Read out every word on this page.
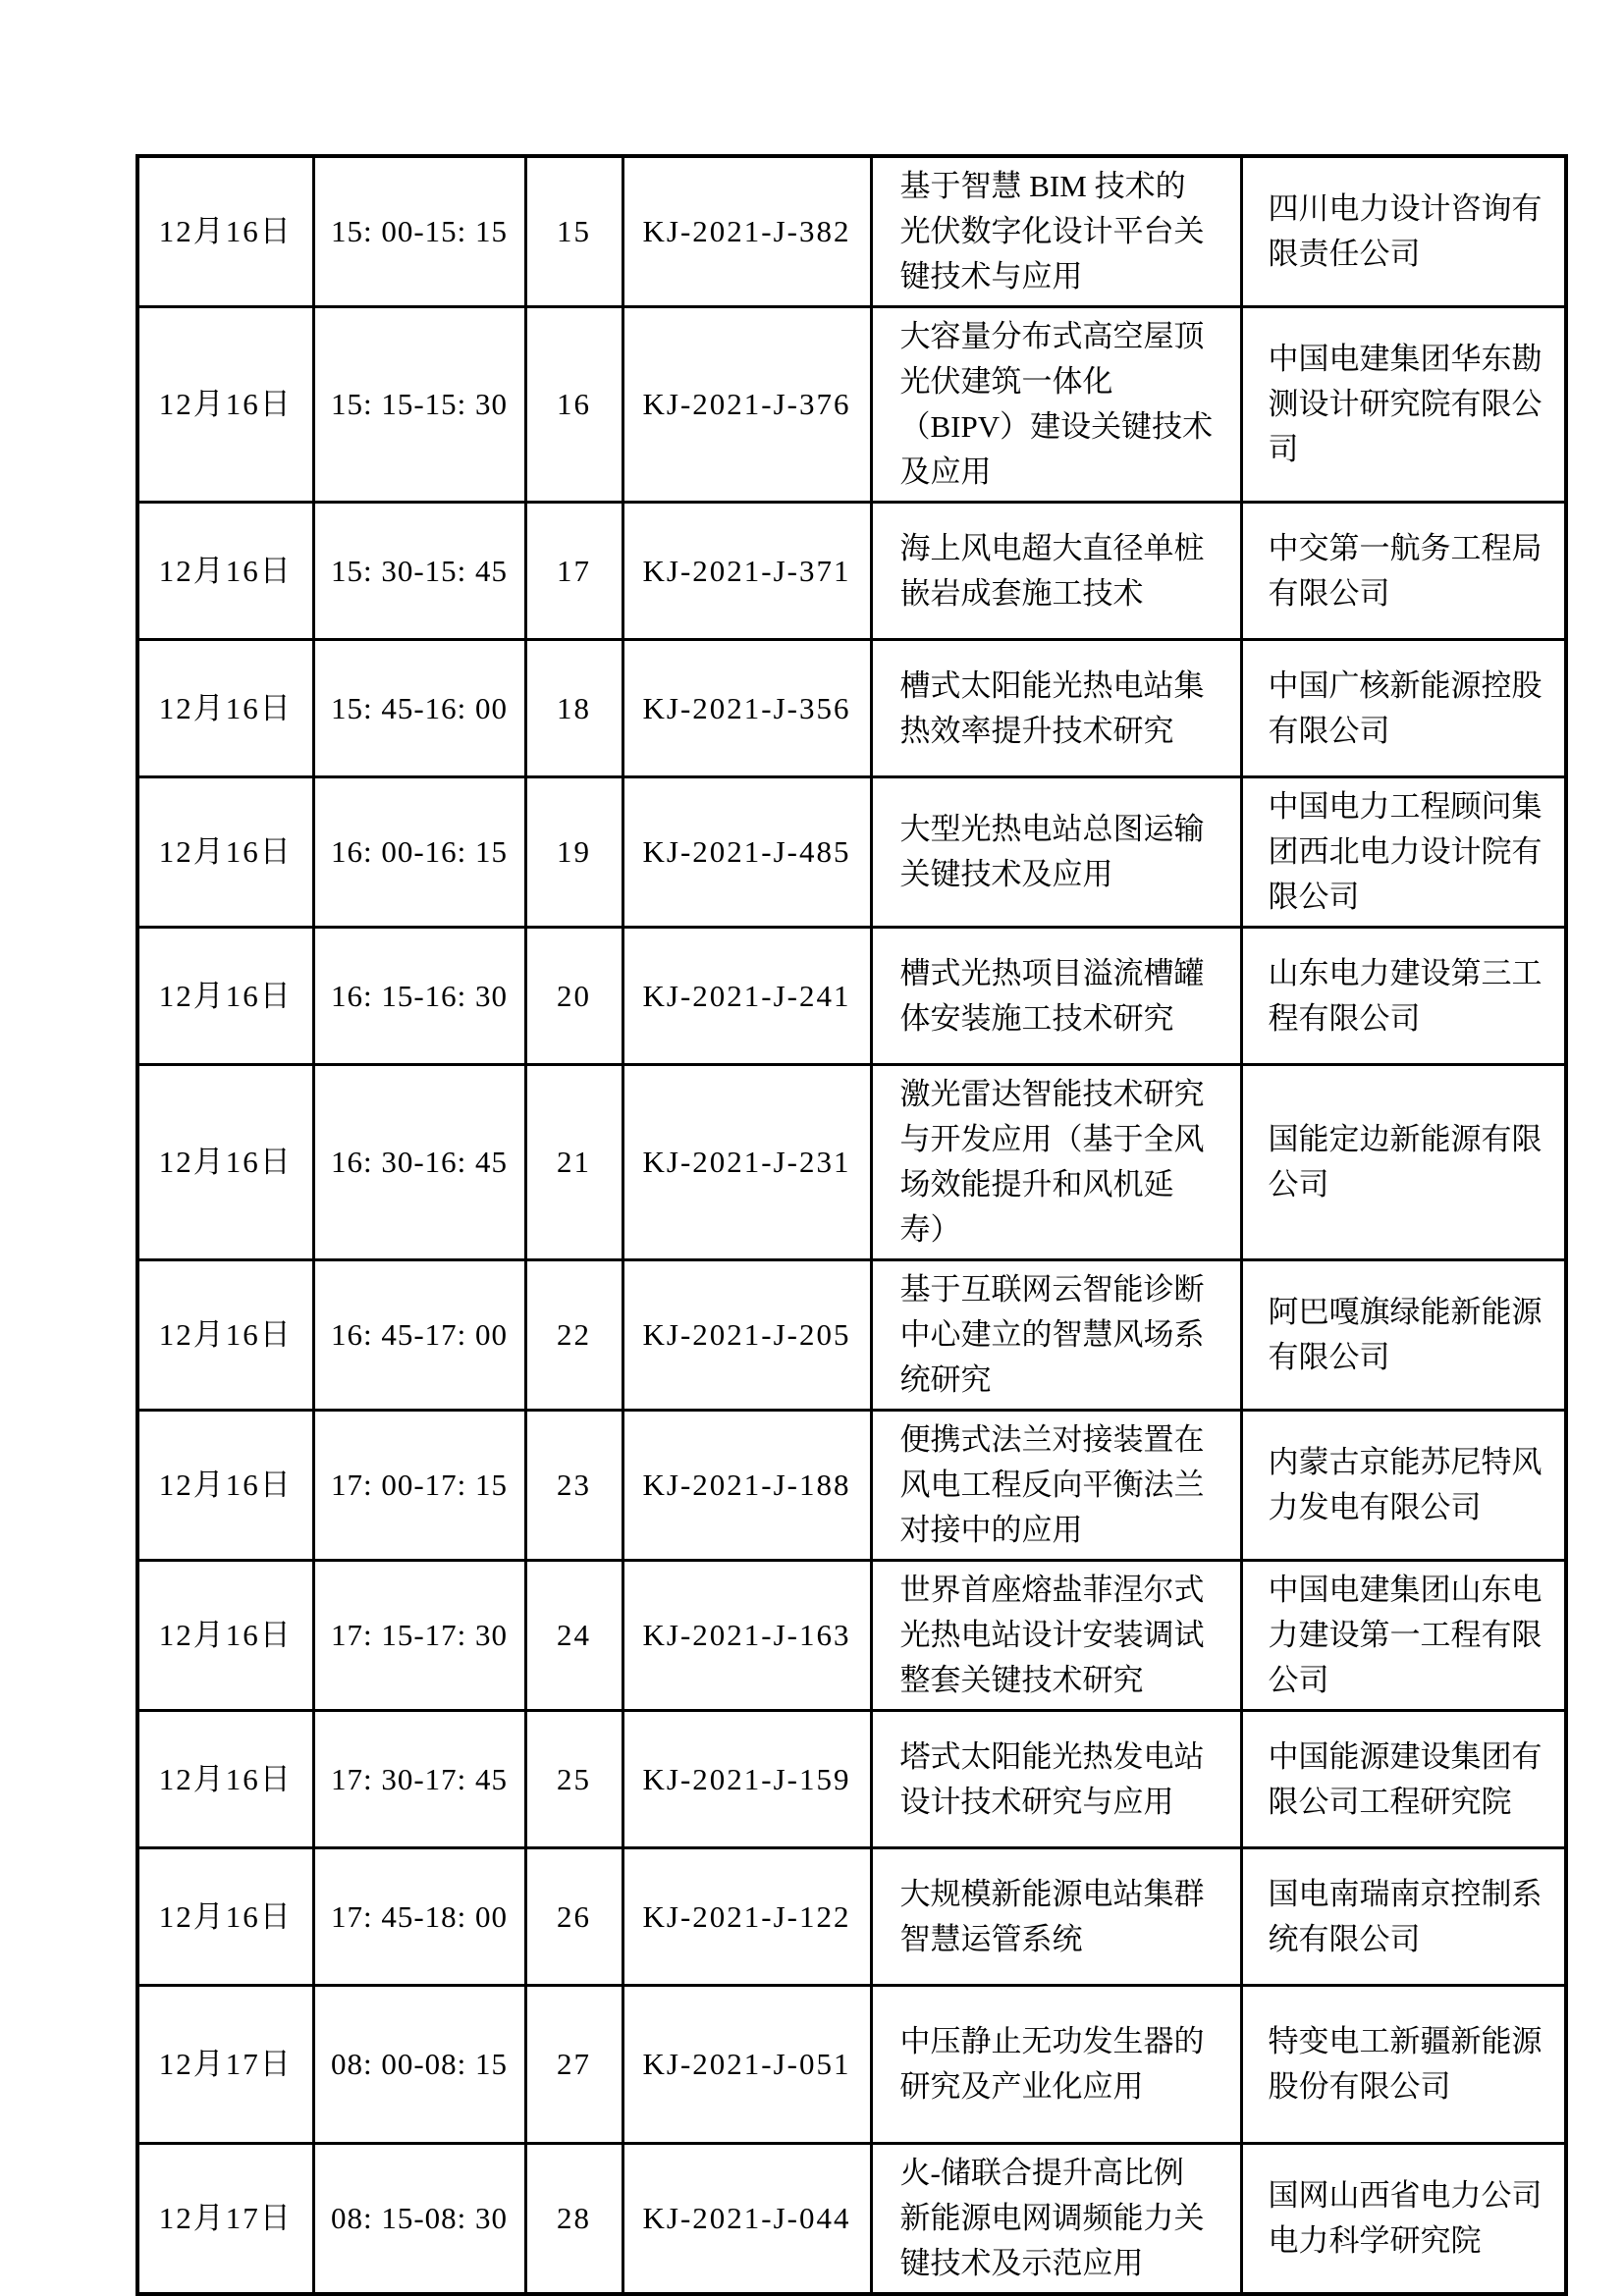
12月16日	15: 00-15: 15	15	KJ-2021-J-382	基于智慧 BIM 技术的光伏数字化设计平台关键技术与应用	四川电力设计咨询有限责任公司
12月16日	15: 15-15: 30	16	KJ-2021-J-376	大容量分布式高空屋顶光伏建筑一体化（BIPV）建设关键技术及应用	中国电建集团华东勘测设计研究院有限公司
12月16日	15: 30-15: 45	17	KJ-2021-J-371	海上风电超大直径单桩嵌岩成套施工技术	中交第一航务工程局有限公司
12月16日	15: 45-16: 00	18	KJ-2021-J-356	槽式太阳能光热电站集热效率提升技术研究	中国广核新能源控股有限公司
12月16日	16: 00-16: 15	19	KJ-2021-J-485	大型光热电站总图运输关键技术及应用	中国电力工程顾问集团西北电力设计院有限公司
12月16日	16: 15-16: 30	20	KJ-2021-J-241	槽式光热项目溢流槽罐体安装施工技术研究	山东电力建设第三工程有限公司
12月16日	16: 30-16: 45	21	KJ-2021-J-231	激光雷达智能技术研究与开发应用（基于全风场效能提升和风机延寿）	国能定边新能源有限公司
12月16日	16: 45-17: 00	22	KJ-2021-J-205	基于互联网云智能诊断中心建立的智慧风场系统研究	阿巴嘎旗绿能新能源有限公司
12月16日	17: 00-17: 15	23	KJ-2021-J-188	便携式法兰对接装置在风电工程反向平衡法兰对接中的应用	内蒙古京能苏尼特风力发电有限公司
12月16日	17: 15-17: 30	24	KJ-2021-J-163	世界首座熔盐菲涅尔式光热电站设计安装调试整套关键技术研究	中国电建集团山东电力建设第一工程有限公司
12月16日	17: 30-17: 45	25	KJ-2021-J-159	塔式太阳能光热发电站设计技术研究与应用	中国能源建设集团有限公司工程研究院
12月16日	17: 45-18: 00	26	KJ-2021-J-122	大规模新能源电站集群智慧运管系统	国电南瑞南京控制系统有限公司
12月17日	08: 00-08: 15	27	KJ-2021-J-051	中压静止无功发生器的研究及产业化应用	特变电工新疆新能源股份有限公司
12月17日	08: 15-08: 30	28	KJ-2021-J-044	火-储联合提升高比例新能源电网调频能力关键技术及示范应用	国网山西省电力公司电力科学研究院
